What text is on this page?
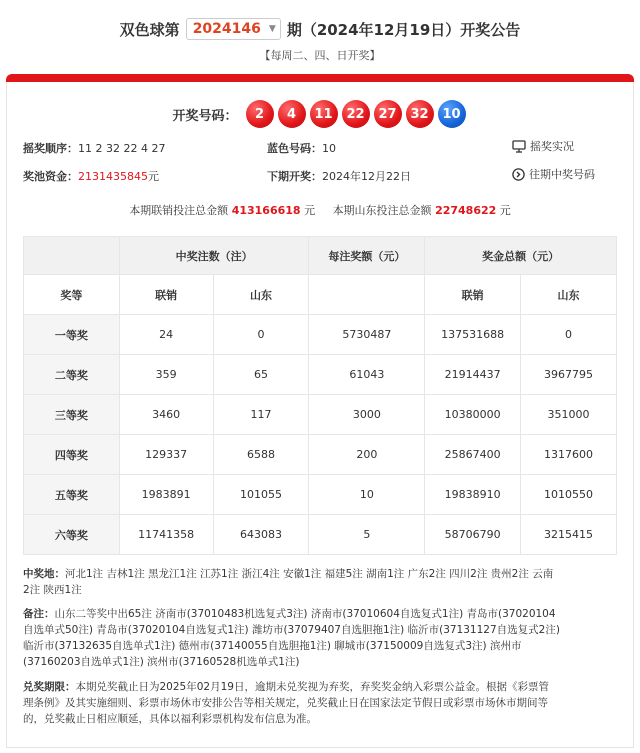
双色球第 2024146 ▼ 期（2024年12月19日）开奖公告
【每周二、四、日开奖】
开奖号码：	2	4	11	22	27	32	10
摇奖顺序：11 2 32 22 4 27	蓝色号码：10	摇奖实况
奖池资金：2131435845元	下期开奖：2024年12月22日	往期中奖号码
本期联销投注总金额 413166618 元 本期山东投注总金额 22748622 元
	中奖注数（注）		每注奖额（元）	奖金总额（元）	
奖等	联销	山东		联销	山东
一等奖	24	0	5730487	137531688	0
二等奖	359	65	61043	21914437	3967795
三等奖	3460	117	3000	10380000	351000
四等奖	129337	6588	200	25867400	1317600
五等奖	1983891	101055	10	19838910	1010550
六等奖	11741358	643083	5	58706790	3215415
中奖地：河北1注 吉林1注 黑龙江1注 江苏1注 浙江4注 安徽1注 福建5注 湖南1注 广东2注 四川2注 贵州2注 云南
2注 陕西1注
备注：山东二等奖中出65注 济南市(37010483机选复式3注) 济南市(37010604自选复式1注) 青岛市(37020104
自选单式50注) 青岛市(37020104自选复式1注) 潍坊市(37079407自选胆拖1注) 临沂市(37131127自选复式2注)
临沂市(37132635自选单式1注) 德州市(37140055自选胆拖1注) 聊城市(37150009自选复式3注) 滨州市
(37160203自选单式1注) 滨州市(37160528机选单式1注)
兑奖期限：本期兑奖截止日为2025年02月19日，逾期未兑奖视为弃奖，弃奖奖金纳入彩票公益金。根据《彩票管
理条例》及其实施细则、彩票市场休市安排公告等相关规定，兑奖截止日在国家法定节假日或彩票市场休市期间等
的，兑奖截止日相应顺延，具体以福利彩票机构发布信息为准。
